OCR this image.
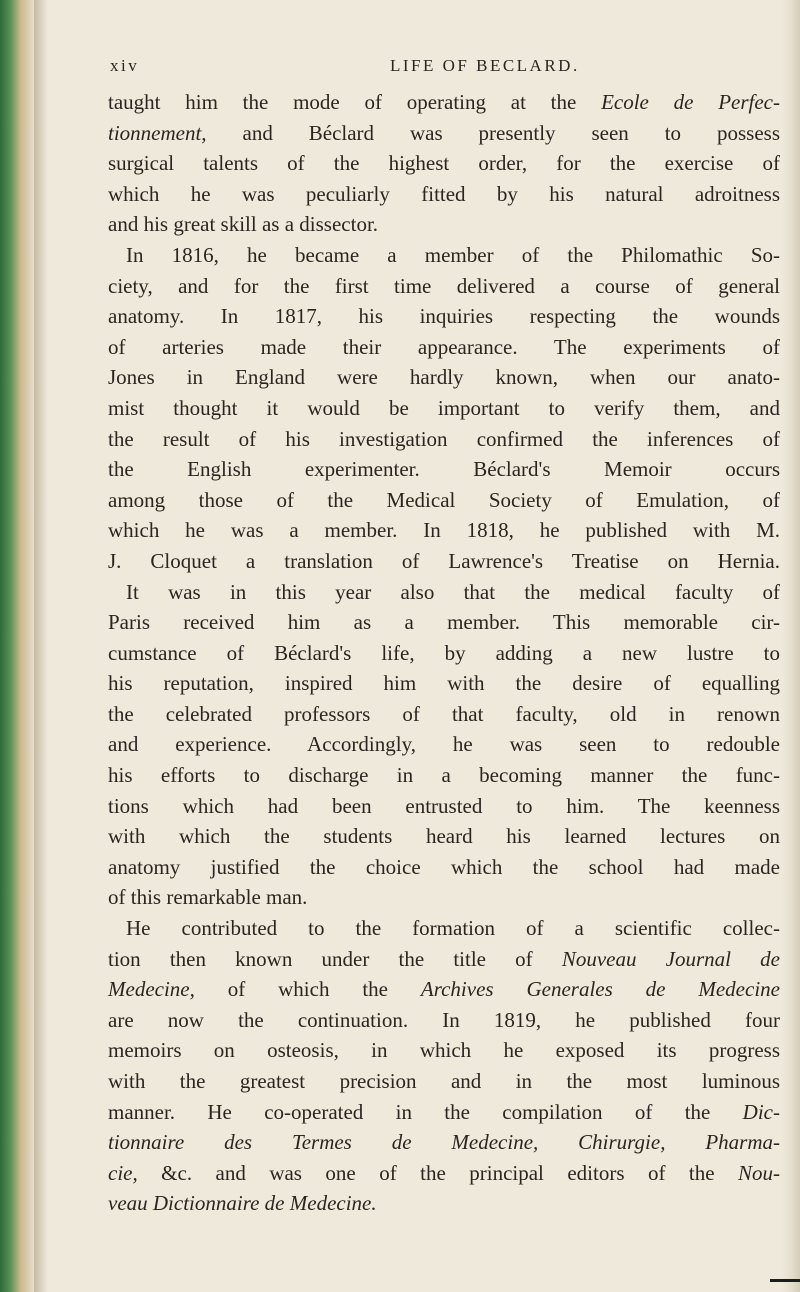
xiv	LIFE OF BECLARD.
taught him the mode of operating at the Ecole de Perfec-
tionnement, and Béclard was presently seen to possess
surgical talents of the highest order, for the exercise of
which he was peculiarly fitted by his natural adroitness
and his great skill as a dissector.
In 1816, he became a member of the Philomathic So-
ciety, and for the first time delivered a course of general
anatomy. In 1817, his inquiries respecting the wounds
of arteries made their appearance. The experiments of
Jones in England were hardly known, when our anato-
mist thought it would be important to verify them, and
the result of his investigation confirmed the inferences of
the English experimenter. Béclard's Memoir occurs
among those of the Medical Society of Emulation, of
which he was a member. In 1818, he published with M.
J. Cloquet a translation of Lawrence's Treatise on Hernia.
It was in this year also that the medical faculty of
Paris received him as a member. This memorable cir-
cumstance of Béclard's life, by adding a new lustre to
his reputation, inspired him with the desire of equalling
the celebrated professors of that faculty, old in renown
and experience. Accordingly, he was seen to redouble
his efforts to discharge in a becoming manner the func-
tions which had been entrusted to him. The keenness
with which the students heard his learned lectures on
anatomy justified the choice which the school had made
of this remarkable man.
He contributed to the formation of a scientific collec-
tion then known under the title of Nouveau Journal de
Medecine, of which the Archives Generales de Medecine
are now the continuation. In 1819, he published four
memoirs on osteosis, in which he exposed its progress
with the greatest precision and in the most luminous
manner. He co-operated in the compilation of the Dic-
tionnaire des Termes de Medecine, Chirurgie, Pharma-
cie, &c. and was one of the principal editors of the Nou-
veau Dictionnaire de Medecine.
